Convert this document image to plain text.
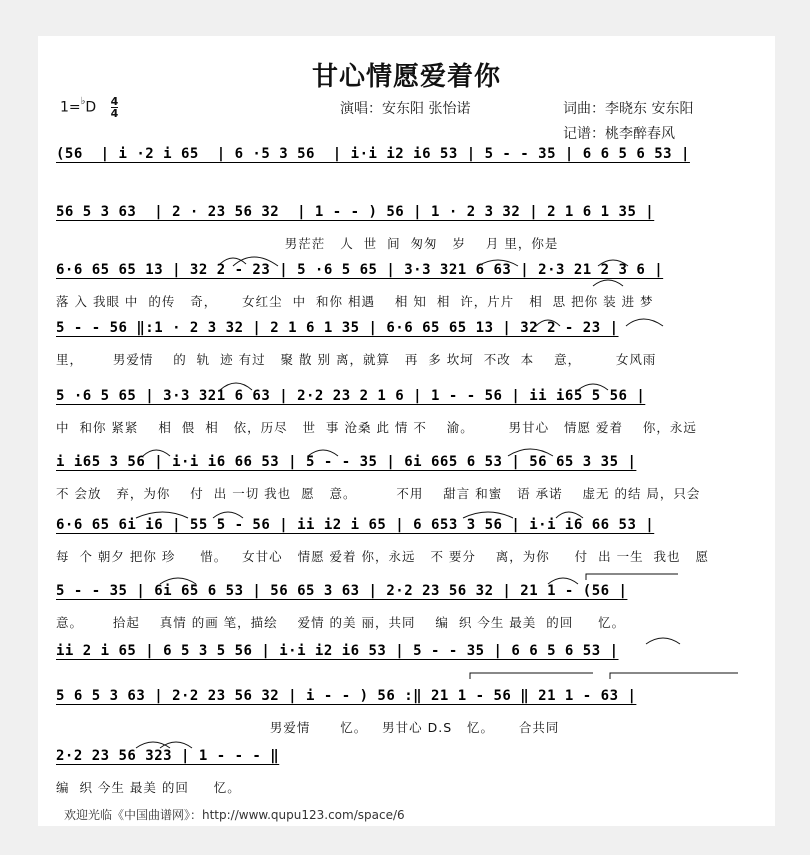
甘心情愿爱着你
$1=^♭D \frac{4}{4}$	演唱：安东阳 张怡诺	词曲：李晓东 安东阳
记谱：桃李醉春风
(56  | i ·2 i 65  | 6 ·5 3 56  | i·i i2 i6 53 | 5 - - 35 | 6 6 5 6 53 |
56 5 3 63  | 2 · 23 56 32  | 1 - - ) 56 | 1 · 2 3 32 | 2 1 6 1 35 |
男茫茫   人  世  间  匆匆   岁    月 里，你是
6·6 65 65 13 | 32 2 - 23 | 5 ·6 5 65 | 3·3 321 6 63 | 2·3 21 2 3 6 |
落 入 我眼 中  的传   奇，     女红尘  中  和你 相遇    相 知  相  许，片片   相  思 把你 装 进 梦
5 - - 56 ‖:1 · 2 3 32 | 2 1 6 1 35 | 6·6 65 65 13 | 32 2 - 23 |
里，      男爱情    的  轨  迹 有过   聚 散 别 离，就算   再  多 坎坷  不改  本    意，       女风雨
5 ·6 5 65 | 3·3 321 6 63 | 2·2 23 2 1 6 | 1 - - 56 | ii i65 5 56 |
中  和你 紧紧    相  偎  相   依，历尽   世  事 沧桑 此 情 不    渝。       男甘心   情愿 爱着    你，永远
i i65 3 56 | i·i i6 66 53 | 5 - - 35 | 6i 665 6 53 | 56 65 3 35 |
不 会放   弃，为你    付  出 一切 我也  愿   意。        不用    甜言 和蜜   语 承诺    虚无 的结 局，只会
6·6 65 6i i6 | 55 5 - 56 | ii i2 i 65 | 6 653 3 56 | i·i i6 66 53 |
每  个 朝夕 把你 珍     惜。   女甘心   情愿 爱着 你，永远   不 要分    离，为你     付  出 一生  我也   愿
5 - - 35 | 6i 65 6 53 | 56 65 3 63 | 2·2 23 56 32 | 21 1 - (56 |
意。      拾起    真情 的画 笔，描绘    爱情 的美 丽，共同    编  织 今生 最美  的回     忆。
ii 2 i 65 | 6 5 3 5 56 | i·i i2 i6 53 | 5 - - 35 | 6 6 5 6 53 |
5 6 5 3 63 | 2·2 23 56 32 | i - - ) 56 :‖ 21 1 - 56 ‖ 21 1 - 63 |
男爱情      忆。   男甘心 D.S   忆。     合共同
2·2 23 56 323 | 1 - - - ‖
编  织 今生 最美 的回     忆。
欢迎光临《中国曲谱网》：http://www.qupu123.com/space/6
